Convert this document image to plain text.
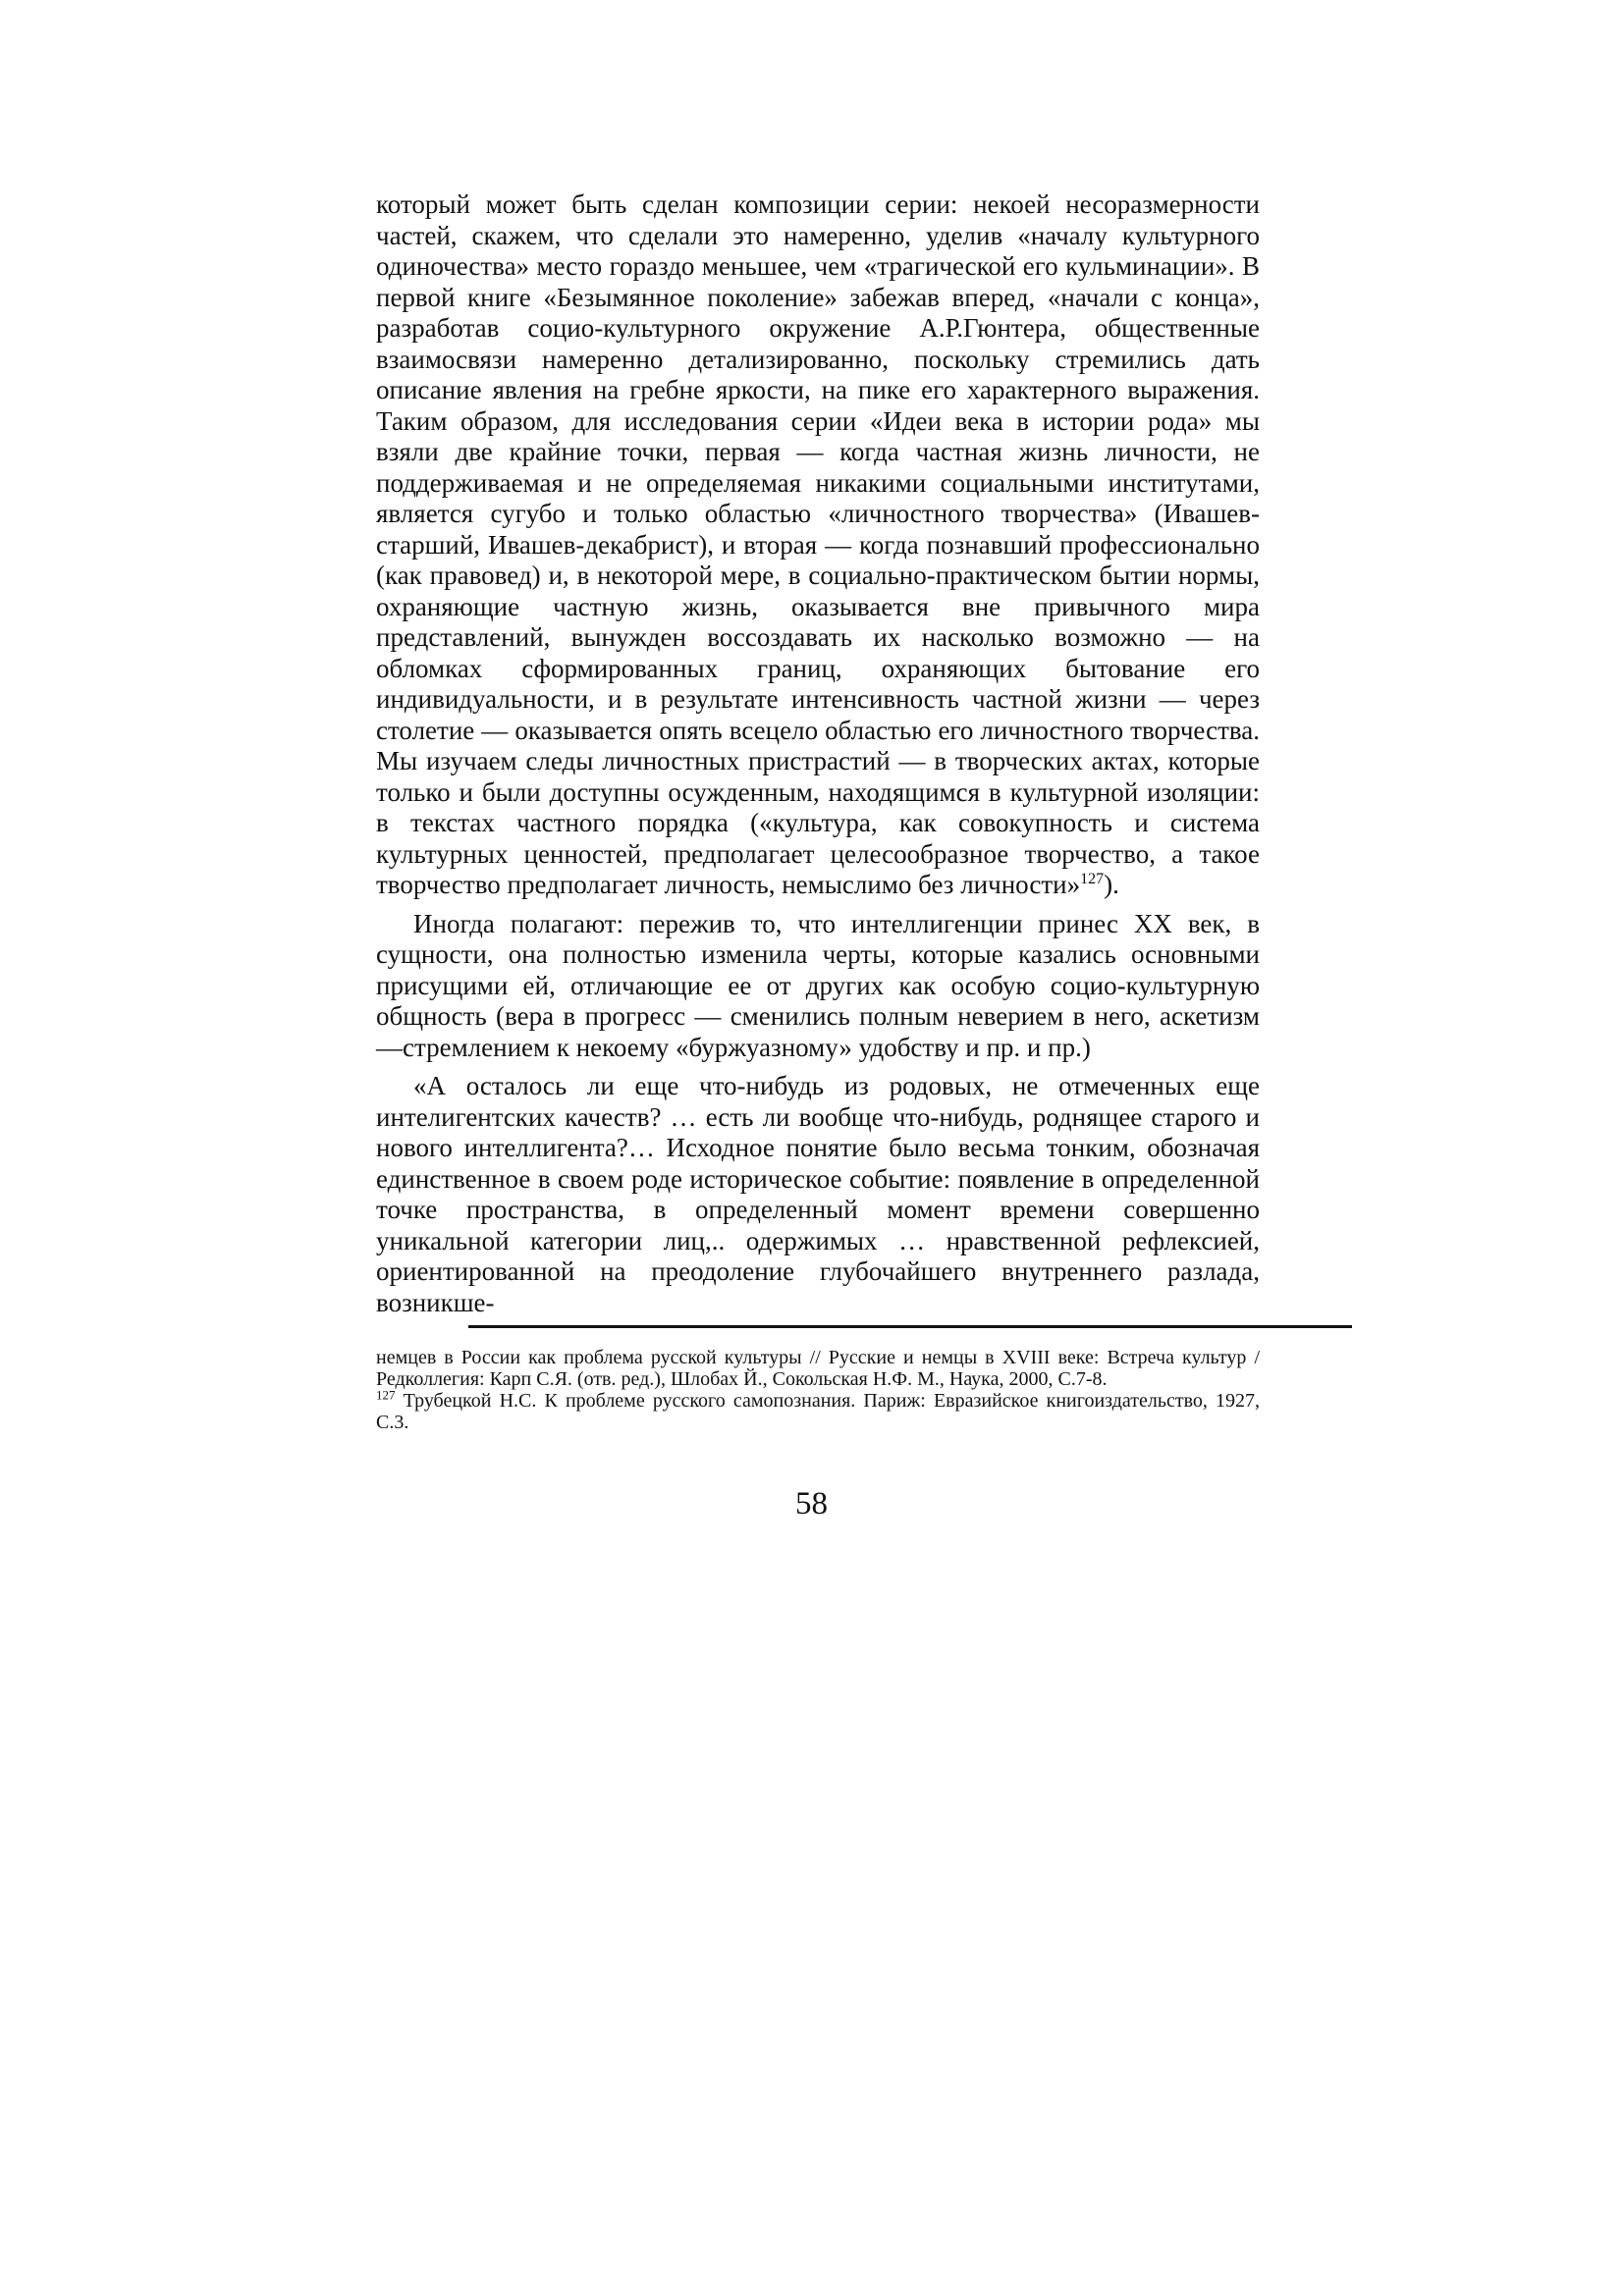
который может быть сделан композиции серии: некоей несоразмерности частей, скажем, что сделали это намеренно, уделив «началу культурного одиночества» место гораздо меньшее, чем «трагической его кульминации». В первой книге «Безымянное поколение» забежав вперед, «начали с конца», разработав социо-культурного окружение А.Р.Гюнтера, общественные взаимосвязи намеренно детализированно, поскольку стремились дать описание явления на гребне яркости, на пике его характерного выражения. Таким образом, для исследования серии «Идеи века в истории рода» мы взяли две крайние точки, первая — когда частная жизнь личности, не поддерживаемая и не определяемая никакими социальными институтами, является сугубо и только областью «личностного творчества» (Ивашев-старший, Ивашев-декабрист), и вторая — когда познавший профессионально (как правовед) и, в некоторой мере, в социально-практическом бытии нормы, охраняющие частную жизнь, оказывается вне привычного мира представлений, вынужден воссоздавать их насколько возможно — на обломках сформированных границ, охраняющих бытование его индивидуальности, и в результате интенсивность частной жизни — через столетие — оказывается опять всецело областью его личностного творчества. Мы изучаем следы личностных пристрастий — в творческих актах, которые только и были доступны осужденным, находящимся в культурной изоляции: в текстах частного порядка («культура, как совокупность и система культурных ценностей, предполагает целесообразное творчество, а такое творчество предполагает личность, немыслимо без личности»$^{127}$).

Иногда полагают: пережив то, что интеллигенции принес XX век, в сущности, она полностью изменила черты, которые казались основными присущими ей, отличающие ее от других как особую социо-культурную общность (вера в прогресс — сменились полным неверием в него, аскетизм —стремлением к некоему «буржуазному» удобству и пр. и пр.)

«А осталось ли еще что-нибудь из родовых, не отмеченных еще интелигентских качеств? … есть ли вообще что-нибудь, роднящее старого и нового интеллигента?… Исходное понятие было весьма тонким, обозначая единственное в своем роде историческое событие: появление в определенной точке пространства, в определенный момент времени совершенно уникальной категории лиц,.. одержимых … нравственной рефлексией, ориентированной на преодоление глубочайшего внутреннего разлада, возникше-

немцев в России как проблема русской культуры // Русские и немцы в XVIII веке: Встреча культур / Редколлегия: Карп С.Я. (отв. ред.), Шлобах Й., Сокольская Н.Ф. М., Наука, 2000, С.7-8.

$^{127}$ Трубецкой Н.С. К проблеме русского самопознания. Париж: Евразийское книгоиздательство, 1927, С.3.

58
